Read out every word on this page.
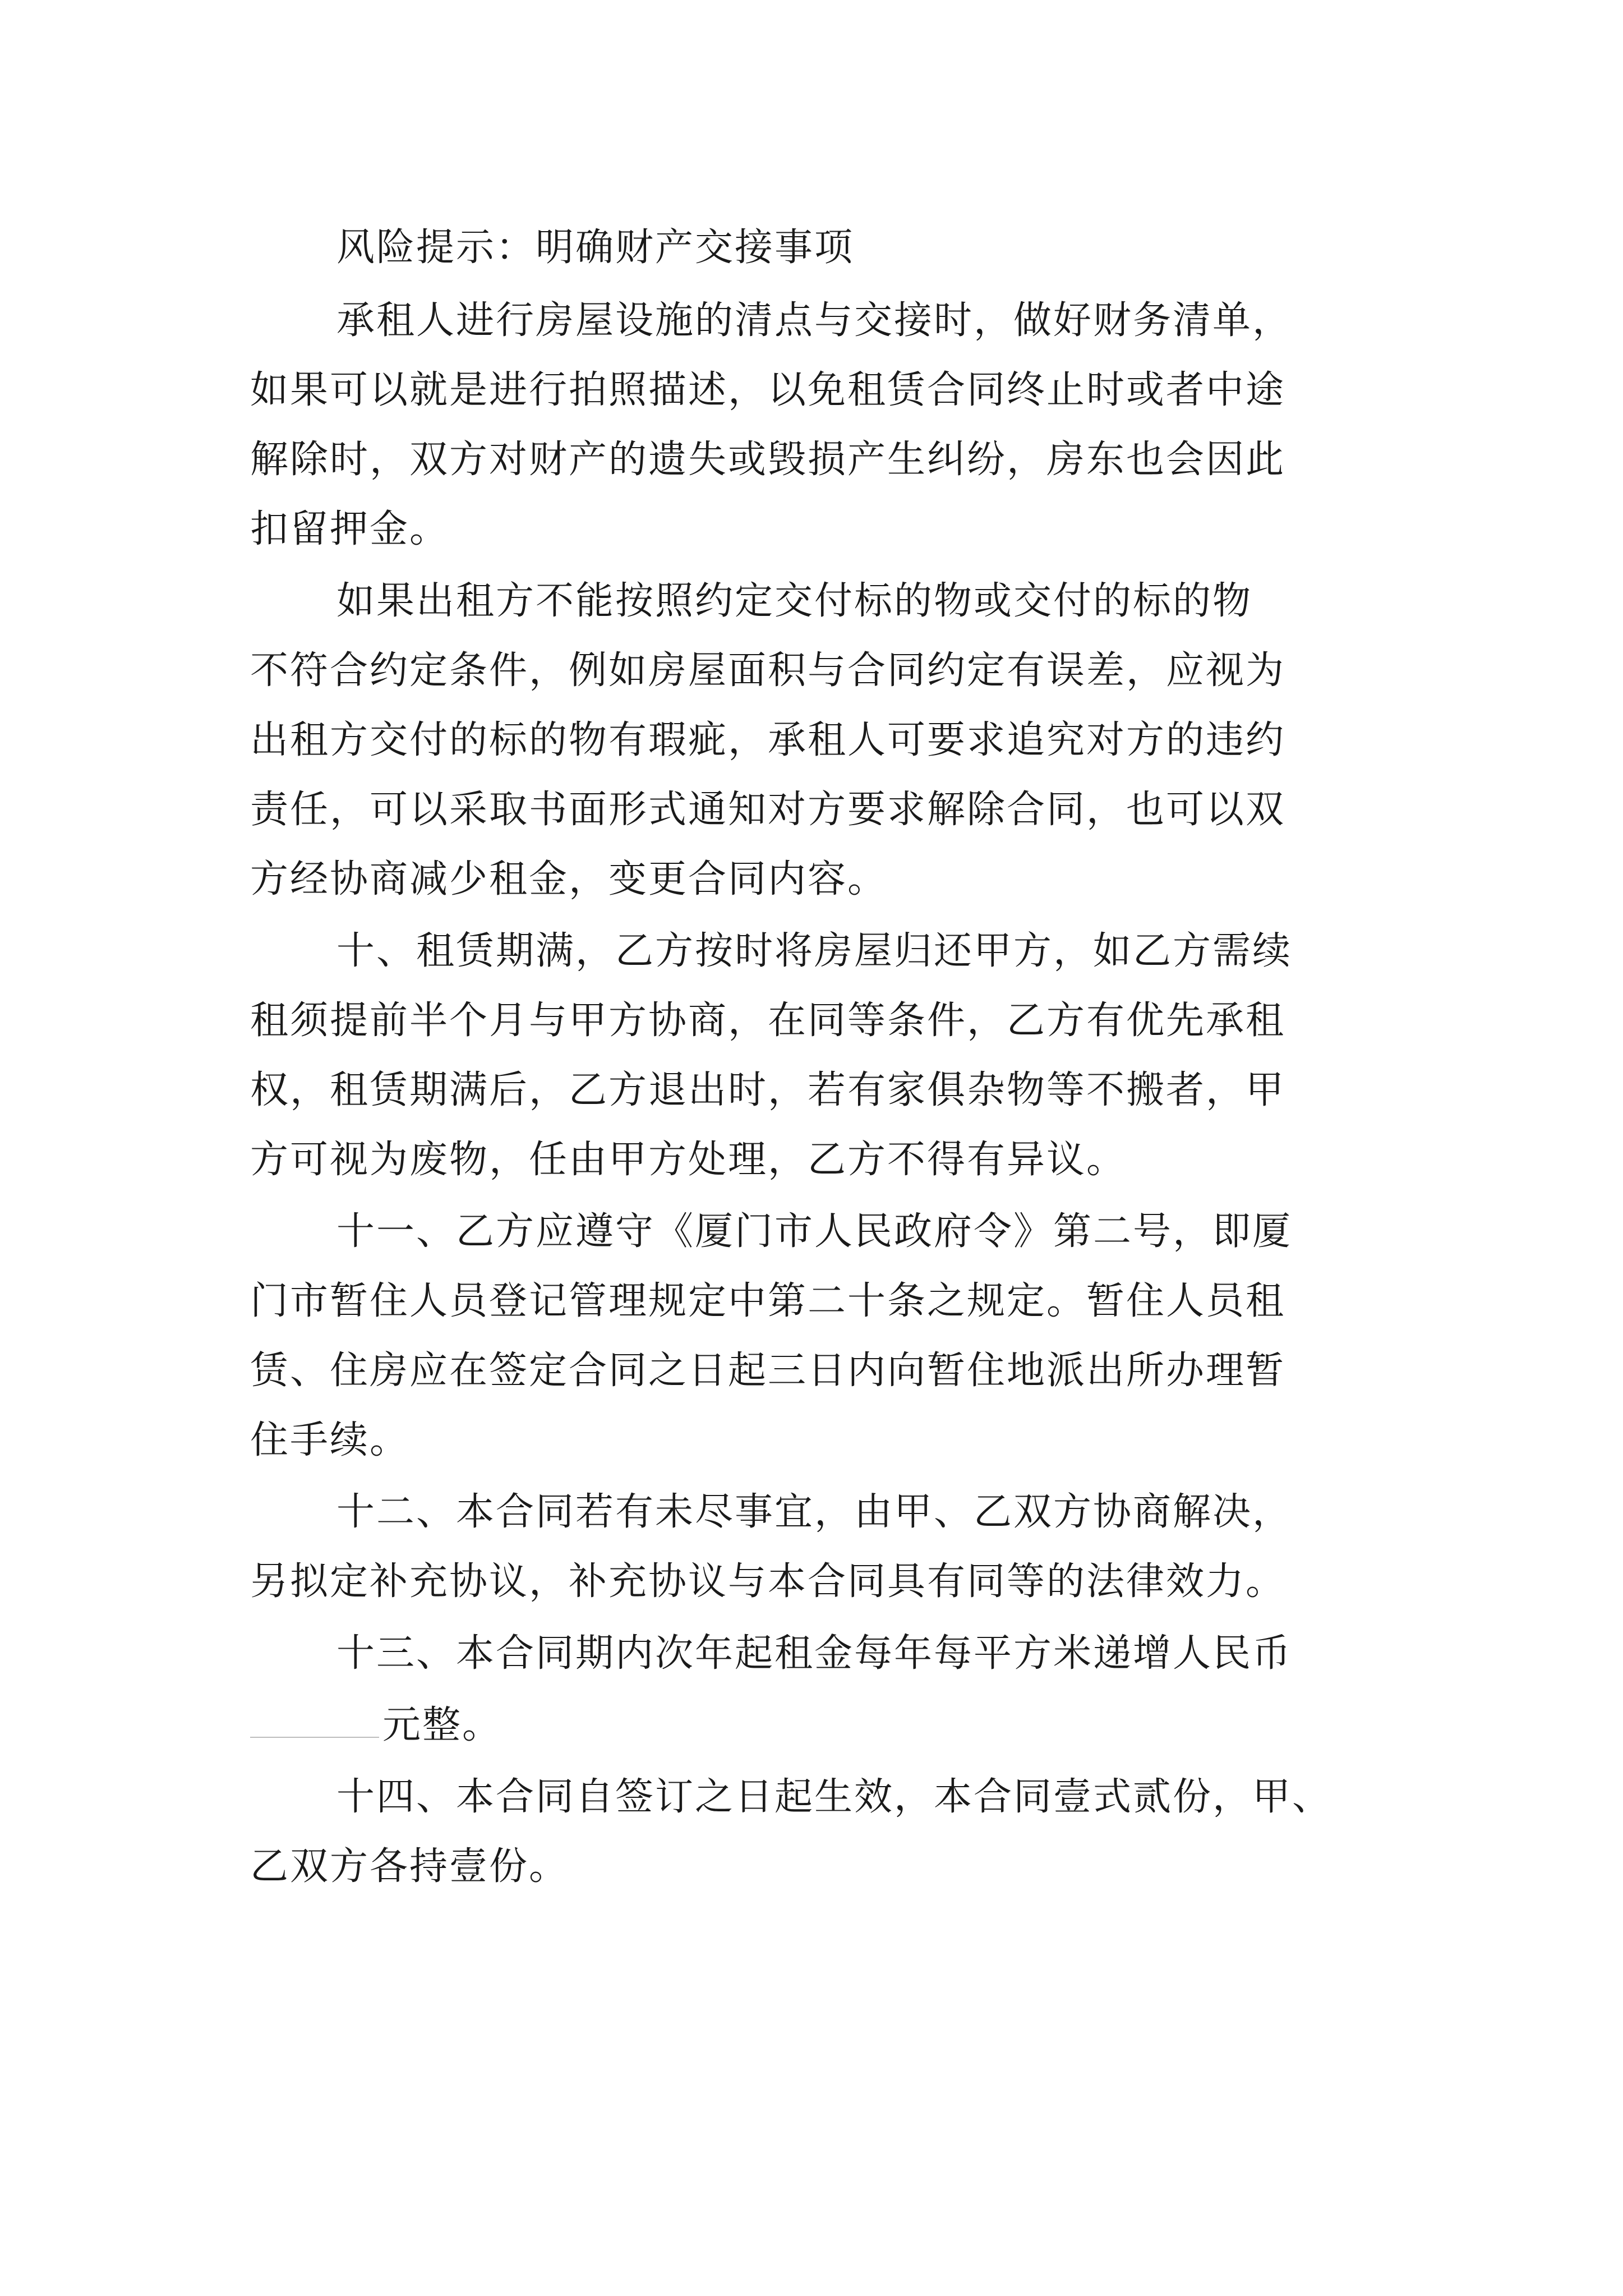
风险提示：明确财产交接事项
承租人进行房屋设施的清点与交接时，做好财务清单，
如果可以就是进行拍照描述，以免租赁合同终止时或者中途
解除时，双方对财产的遗失或毁损产生纠纷，房东也会因此
扣留押金。
如果出租方不能按照约定交付标的物或交付的标的物
不符合约定条件，例如房屋面积与合同约定有误差，应视为
出租方交付的标的物有瑕疵，承租人可要求追究对方的违约
责任，可以采取书面形式通知对方要求解除合同，也可以双
方经协商减少租金，变更合同内容。
十、租赁期满，乙方按时将房屋归还甲方，如乙方需续
租须提前半个月与甲方协商，在同等条件，乙方有优先承租
权，租赁期满后，乙方退出时，若有家俱杂物等不搬者，甲
方可视为废物，任由甲方处理，乙方不得有异议。
十一、乙方应遵守《厦门市人民政府令》第二号，即厦
门市暂住人员登记管理规定中第二十条之规定。暂住人员租
赁、住房应在签定合同之日起三日内向暂住地派出所办理暂
住手续。
十二、本合同若有未尽事宜，由甲、乙双方协商解决，
另拟定补充协议，补充协议与本合同具有同等的法律效力。
十三、本合同期内次年起租金每年每平方米递增人民币
元整。
十四、本合同自签订之日起生效，本合同壹式贰份，甲、
乙双方各持壹份。
